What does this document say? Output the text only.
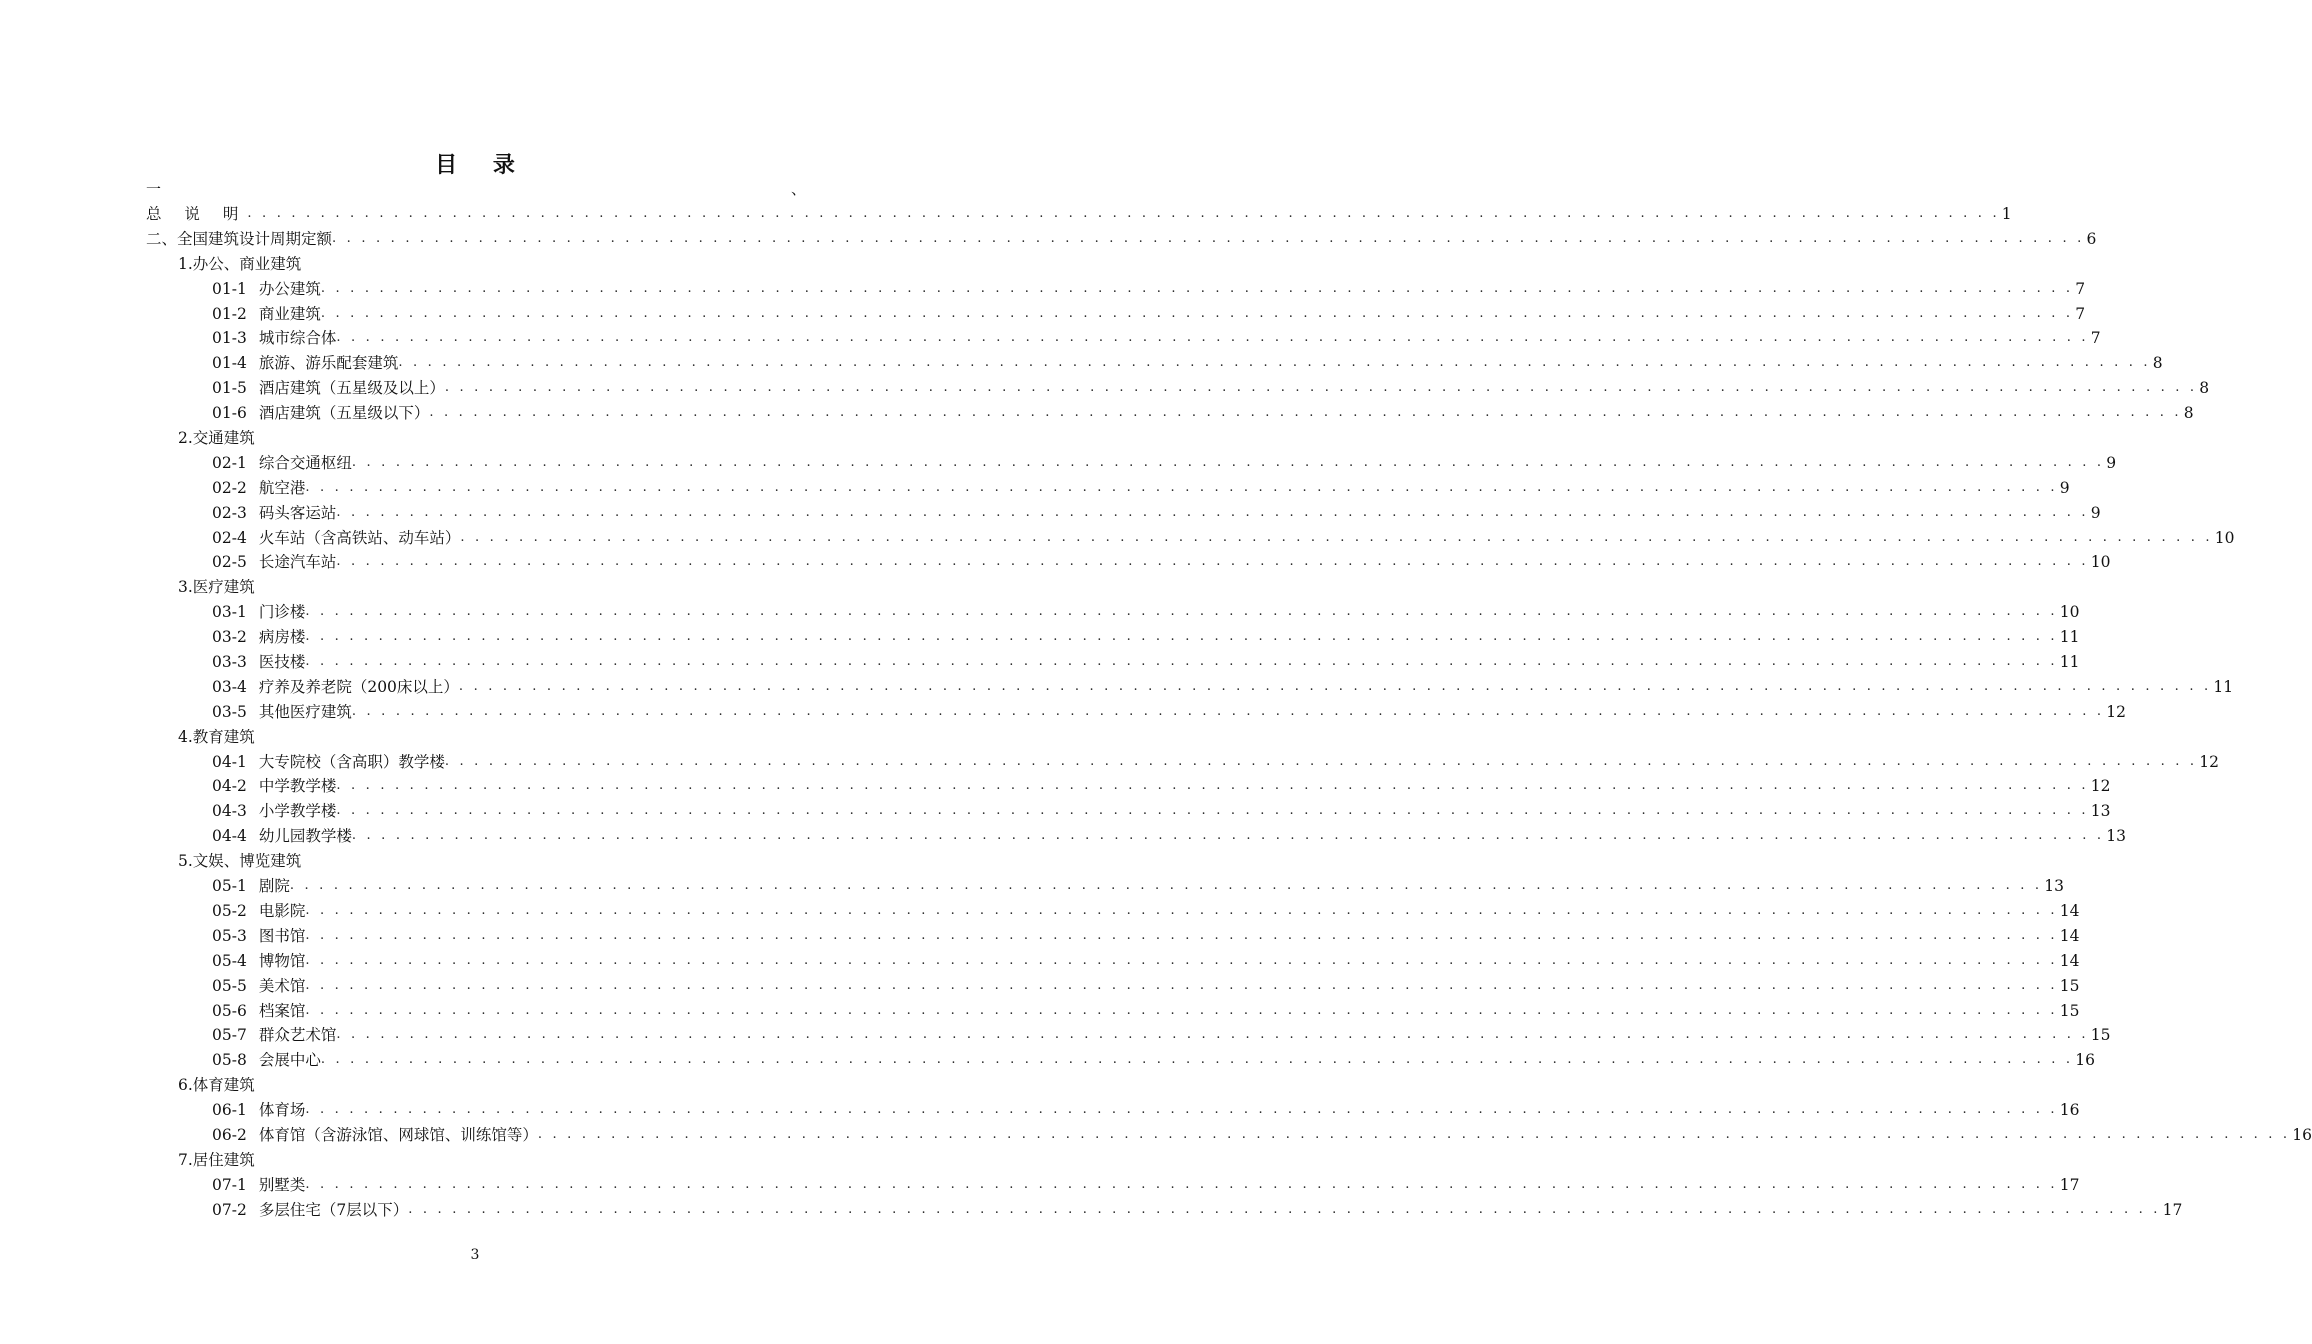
目 录
一	、
总 说 明 . . . . . . . . . . . . . . . . . . . . . . . . . . . . . . . . . . . . . . . . . . . . . . . . . . . . . . . . . . . . . . . . . . . . . . . . . . . . . . . . . . . . . . . . . . . . . . . . . . . . . . . . . . . . . . . . . . . . . . . . 1
二、全国建筑设计周期定额 . . . . . . . . . . . . . . . . . . . . . . . . . . . . . . . . . . . . . . . . . . . . . . . . . . . . . . . . . . . . . . . . . . . . . . . . . . . . . . . . . . . . . . . . . . . . . . . . . . . . . . . . . . . . . . . . . . . . . . . . 6
1.办公、商业建筑
01-1 办公建筑 . . . . . . . . . . . . . . . . . . . . . . . . . . . . . . . . . . . . . . . . . . . . . . . . . . . . . . . . . . . . . . . . . . . . . . . . . . . . . . . . . . . . . . . . . . . . . . . . . . . . . . . . . . . . . . . . . . . . . . . . 7
01-2 商业建筑 . . . . . . . . . . . . . . . . . . . . . . . . . . . . . . . . . . . . . . . . . . . . . . . . . . . . . . . . . . . . . . . . . . . . . . . . . . . . . . . . . . . . . . . . . . . . . . . . . . . . . . . . . . . . . . . . . . . . . . . . 7
01-3 城市综合体 . . . . . . . . . . . . . . . . . . . . . . . . . . . . . . . . . . . . . . . . . . . . . . . . . . . . . . . . . . . . . . . . . . . . . . . . . . . . . . . . . . . . . . . . . . . . . . . . . . . . . . . . . . . . . . . . . . . . . . . . 7
01-4 旅游、游乐配套建筑 . . . . . . . . . . . . . . . . . . . . . . . . . . . . . . . . . . . . . . . . . . . . . . . . . . . . . . . . . . . . . . . . . . . . . . . . . . . . . . . . . . . . . . . . . . . . . . . . . . . . . . . . . . . . . . . . . . . . . . . . 8
01-5 酒店建筑（五星级及以上） . . . . . . . . . . . . . . . . . . . . . . . . . . . . . . . . . . . . . . . . . . . . . . . . . . . . . . . . . . . . . . . . . . . . . . . . . . . . . . . . . . . . . . . . . . . . . . . . . . . . . . . . . . . . . . . . . . . . . . . . 8
01-6 酒店建筑（五星级以下） . . . . . . . . . . . . . . . . . . . . . . . . . . . . . . . . . . . . . . . . . . . . . . . . . . . . . . . . . . . . . . . . . . . . . . . . . . . . . . . . . . . . . . . . . . . . . . . . . . . . . . . . . . . . . . . . . . . . . . . . 8
2.交通建筑
02-1 综合交通枢纽 . . . . . . . . . . . . . . . . . . . . . . . . . . . . . . . . . . . . . . . . . . . . . . . . . . . . . . . . . . . . . . . . . . . . . . . . . . . . . . . . . . . . . . . . . . . . . . . . . . . . . . . . . . . . . . . . . . . . . . . . 9
02-2 航空港 . . . . . . . . . . . . . . . . . . . . . . . . . . . . . . . . . . . . . . . . . . . . . . . . . . . . . . . . . . . . . . . . . . . . . . . . . . . . . . . . . . . . . . . . . . . . . . . . . . . . . . . . . . . . . . . . . . . . . . . . 9
02-3 码头客运站 . . . . . . . . . . . . . . . . . . . . . . . . . . . . . . . . . . . . . . . . . . . . . . . . . . . . . . . . . . . . . . . . . . . . . . . . . . . . . . . . . . . . . . . . . . . . . . . . . . . . . . . . . . . . . . . . . . . . . . . . 9
02-4 火车站（含高铁站、动车站） . . . . . . . . . . . . . . . . . . . . . . . . . . . . . . . . . . . . . . . . . . . . . . . . . . . . . . . . . . . . . . . . . . . . . . . . . . . . . . . . . . . . . . . . . . . . . . . . . . . . . . . . . . . . . . . . . . . . . . . . 10
02-5 长途汽车站 . . . . . . . . . . . . . . . . . . . . . . . . . . . . . . . . . . . . . . . . . . . . . . . . . . . . . . . . . . . . . . . . . . . . . . . . . . . . . . . . . . . . . . . . . . . . . . . . . . . . . . . . . . . . . . . . . . . . . . . . 10
3.医疗建筑
03-1 门诊楼 . . . . . . . . . . . . . . . . . . . . . . . . . . . . . . . . . . . . . . . . . . . . . . . . . . . . . . . . . . . . . . . . . . . . . . . . . . . . . . . . . . . . . . . . . . . . . . . . . . . . . . . . . . . . . . . . . . . . . . . . 10
03-2 病房楼 . . . . . . . . . . . . . . . . . . . . . . . . . . . . . . . . . . . . . . . . . . . . . . . . . . . . . . . . . . . . . . . . . . . . . . . . . . . . . . . . . . . . . . . . . . . . . . . . . . . . . . . . . . . . . . . . . . . . . . . . 11
03-3 医技楼 . . . . . . . . . . . . . . . . . . . . . . . . . . . . . . . . . . . . . . . . . . . . . . . . . . . . . . . . . . . . . . . . . . . . . . . . . . . . . . . . . . . . . . . . . . . . . . . . . . . . . . . . . . . . . . . . . . . . . . . . 11
03-4 疗养及养老院（200床以上） . . . . . . . . . . . . . . . . . . . . . . . . . . . . . . . . . . . . . . . . . . . . . . . . . . . . . . . . . . . . . . . . . . . . . . . . . . . . . . . . . . . . . . . . . . . . . . . . . . . . . . . . . . . . . . . . . . . . . . . . 11
03-5 其他医疗建筑 . . . . . . . . . . . . . . . . . . . . . . . . . . . . . . . . . . . . . . . . . . . . . . . . . . . . . . . . . . . . . . . . . . . . . . . . . . . . . . . . . . . . . . . . . . . . . . . . . . . . . . . . . . . . . . . . . . . . . . . . 12
4.教育建筑
04-1 大专院校（含高职）教学楼 . . . . . . . . . . . . . . . . . . . . . . . . . . . . . . . . . . . . . . . . . . . . . . . . . . . . . . . . . . . . . . . . . . . . . . . . . . . . . . . . . . . . . . . . . . . . . . . . . . . . . . . . . . . . . . . . . . . . . . . . 12
04-2 中学教学楼 . . . . . . . . . . . . . . . . . . . . . . . . . . . . . . . . . . . . . . . . . . . . . . . . . . . . . . . . . . . . . . . . . . . . . . . . . . . . . . . . . . . . . . . . . . . . . . . . . . . . . . . . . . . . . . . . . . . . . . . . 12
04-3 小学教学楼 . . . . . . . . . . . . . . . . . . . . . . . . . . . . . . . . . . . . . . . . . . . . . . . . . . . . . . . . . . . . . . . . . . . . . . . . . . . . . . . . . . . . . . . . . . . . . . . . . . . . . . . . . . . . . . . . . . . . . . . . 13
04-4 幼儿园教学楼 . . . . . . . . . . . . . . . . . . . . . . . . . . . . . . . . . . . . . . . . . . . . . . . . . . . . . . . . . . . . . . . . . . . . . . . . . . . . . . . . . . . . . . . . . . . . . . . . . . . . . . . . . . . . . . . . . . . . . . . . 13
5.文娱、博览建筑
05-1 剧院 . . . . . . . . . . . . . . . . . . . . . . . . . . . . . . . . . . . . . . . . . . . . . . . . . . . . . . . . . . . . . . . . . . . . . . . . . . . . . . . . . . . . . . . . . . . . . . . . . . . . . . . . . . . . . . . . . . . . . . . . 13
05-2 电影院 . . . . . . . . . . . . . . . . . . . . . . . . . . . . . . . . . . . . . . . . . . . . . . . . . . . . . . . . . . . . . . . . . . . . . . . . . . . . . . . . . . . . . . . . . . . . . . . . . . . . . . . . . . . . . . . . . . . . . . . . 14
05-3 图书馆 . . . . . . . . . . . . . . . . . . . . . . . . . . . . . . . . . . . . . . . . . . . . . . . . . . . . . . . . . . . . . . . . . . . . . . . . . . . . . . . . . . . . . . . . . . . . . . . . . . . . . . . . . . . . . . . . . . . . . . . . 14
05-4 博物馆 . . . . . . . . . . . . . . . . . . . . . . . . . . . . . . . . . . . . . . . . . . . . . . . . . . . . . . . . . . . . . . . . . . . . . . . . . . . . . . . . . . . . . . . . . . . . . . . . . . . . . . . . . . . . . . . . . . . . . . . . 14
05-5 美术馆 . . . . . . . . . . . . . . . . . . . . . . . . . . . . . . . . . . . . . . . . . . . . . . . . . . . . . . . . . . . . . . . . . . . . . . . . . . . . . . . . . . . . . . . . . . . . . . . . . . . . . . . . . . . . . . . . . . . . . . . . 15
05-6 档案馆 . . . . . . . . . . . . . . . . . . . . . . . . . . . . . . . . . . . . . . . . . . . . . . . . . . . . . . . . . . . . . . . . . . . . . . . . . . . . . . . . . . . . . . . . . . . . . . . . . . . . . . . . . . . . . . . . . . . . . . . . 15
05-7 群众艺术馆 . . . . . . . . . . . . . . . . . . . . . . . . . . . . . . . . . . . . . . . . . . . . . . . . . . . . . . . . . . . . . . . . . . . . . . . . . . . . . . . . . . . . . . . . . . . . . . . . . . . . . . . . . . . . . . . . . . . . . . . . 15
05-8 会展中心 . . . . . . . . . . . . . . . . . . . . . . . . . . . . . . . . . . . . . . . . . . . . . . . . . . . . . . . . . . . . . . . . . . . . . . . . . . . . . . . . . . . . . . . . . . . . . . . . . . . . . . . . . . . . . . . . . . . . . . . . 16
6.体育建筑
06-1 体育场 . . . . . . . . . . . . . . . . . . . . . . . . . . . . . . . . . . . . . . . . . . . . . . . . . . . . . . . . . . . . . . . . . . . . . . . . . . . . . . . . . . . . . . . . . . . . . . . . . . . . . . . . . . . . . . . . . . . . . . . . 16
06-2 体育馆（含游泳馆、网球馆、训练馆等） . . . . . . . . . . . . . . . . . . . . . . . . . . . . . . . . . . . . . . . . . . . . . . . . . . . . . . . . . . . . . . . . . . . . . . . . . . . . . . . . . . . . . . . . . . . . . . . . . . . . . . . . . . . . . . . . . . . . . . . . 16
7.居住建筑
07-1 别墅类 . . . . . . . . . . . . . . . . . . . . . . . . . . . . . . . . . . . . . . . . . . . . . . . . . . . . . . . . . . . . . . . . . . . . . . . . . . . . . . . . . . . . . . . . . . . . . . . . . . . . . . . . . . . . . . . . . . . . . . . . 17
07-2 多层住宅（7层以下） . . . . . . . . . . . . . . . . . . . . . . . . . . . . . . . . . . . . . . . . . . . . . . . . . . . . . . . . . . . . . . . . . . . . . . . . . . . . . . . . . . . . . . . . . . . . . . . . . . . . . . . . . . . . . . . . . . . . . . . . 17
3
